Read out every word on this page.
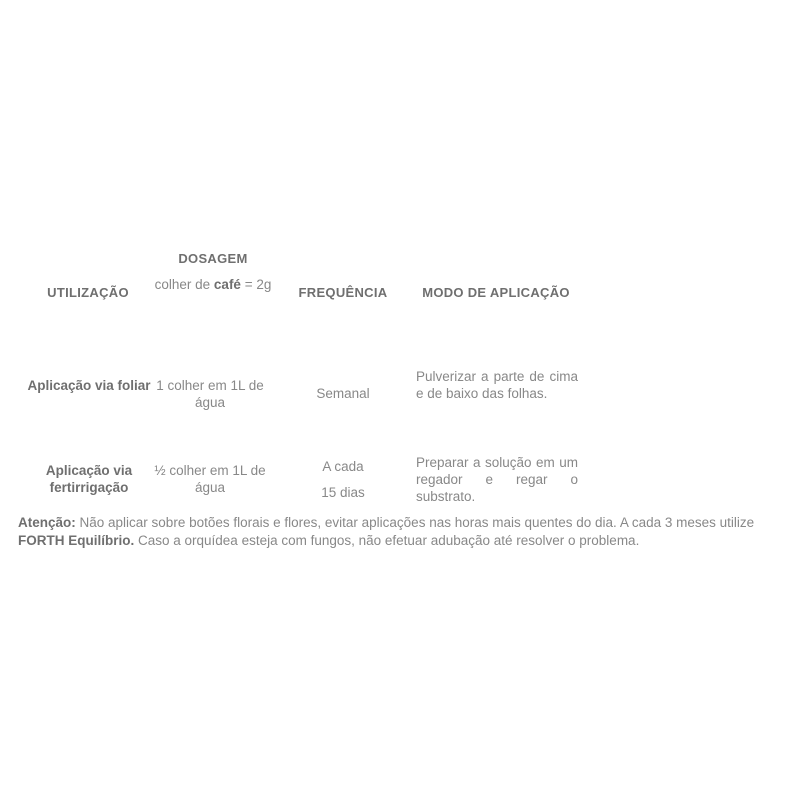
DOSAGEM
UTILIZAÇÃO
colher de café = 2g
FREQUÊNCIA	MODO DE APLICAÇÃO
Aplicação via foliar 1 colher em 1L de água
Semanal
Pulverizar a parte de cima e de baixo das folhas.
Aplicação via fertirrigação
½ colher em 1L de água
A cada
15 dias
Preparar a solução em um regador e regar o substrato.
Atenção: Não aplicar sobre botões florais e flores, evitar aplicações nas horas mais quentes do dia. A cada 3 meses utilize FORTH Equilíbrio. Caso a orquídea esteja com fungos, não efetuar adubação até resolver o problema.
